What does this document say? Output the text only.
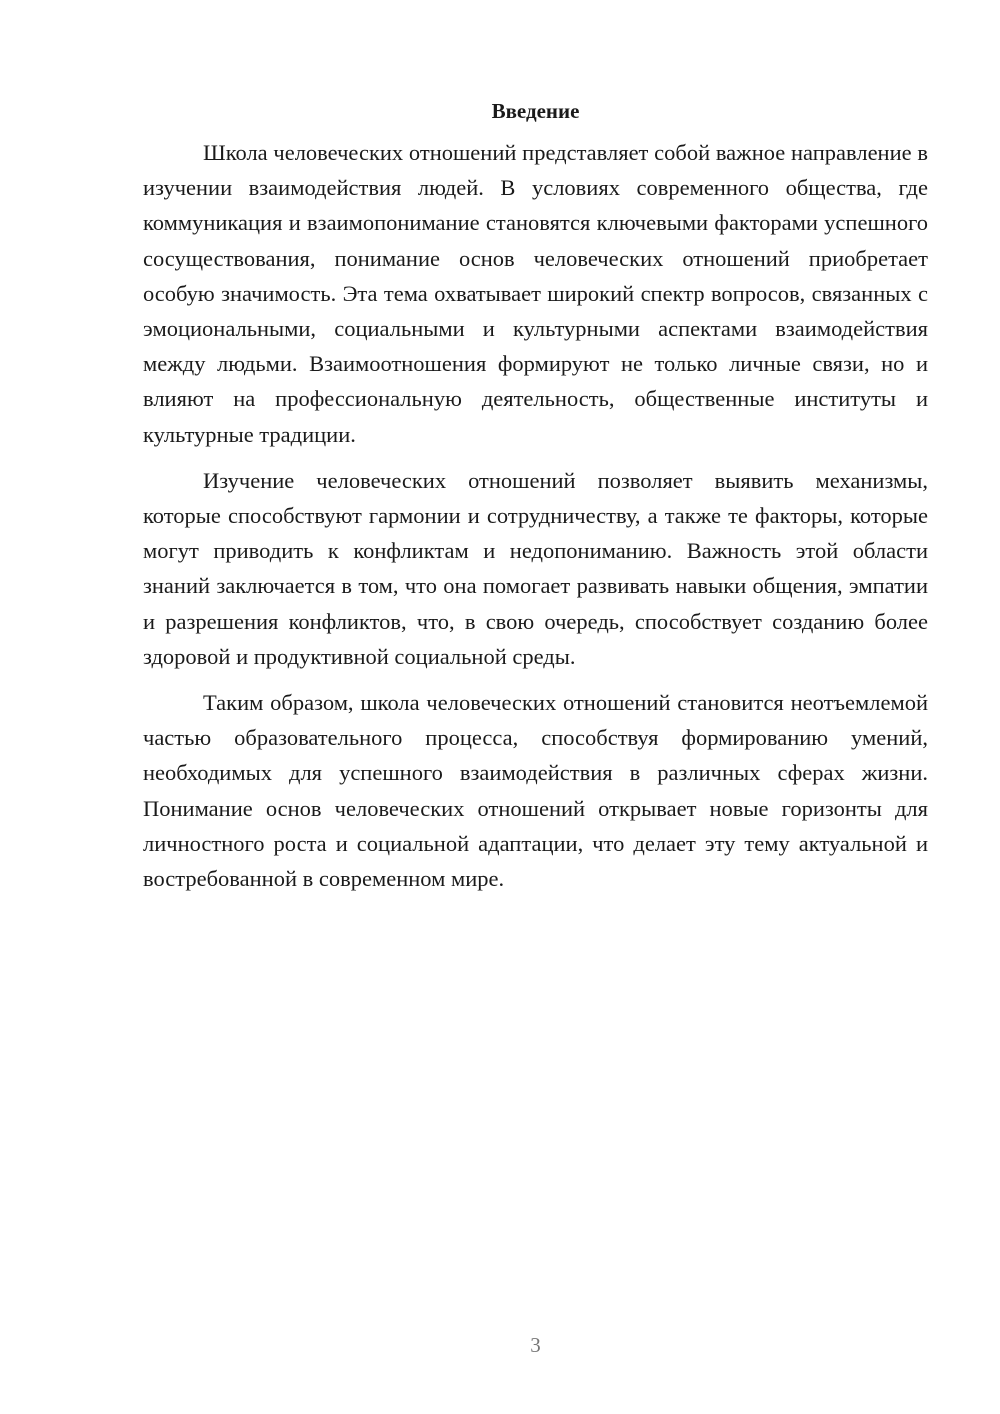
Введение

Школа человеческих отношений представляет собой важное направление в изучении взаимодействия людей. В условиях современного общества, где коммуникация и взаимопонимание становятся ключевыми факторами успешного сосуществования, понимание основ человеческих отношений приобретает особую значимость. Эта тема охватывает широкий спектр вопросов, связанных с эмоциональными, социальными и культурными аспектами взаимодействия между людьми. Взаимоотношения формируют не только личные связи, но и влияют на профессиональную деятельность, общественные институты и культурные традиции.

Изучение человеческих отношений позволяет выявить механизмы, которые способствуют гармонии и сотрудничеству, а также те факторы, которые могут приводить к конфликтам и недопониманию. Важность этой области знаний заключается в том, что она помогает развивать навыки общения, эмпатии и разрешения конфликтов, что, в свою очередь, способствует созданию более здоровой и продуктивной социальной среды.

Таким образом, школа человеческих отношений становится неотъемлемой частью образовательного процесса, способствуя формированию умений, необходимых для успешного взаимодействия в различных сферах жизни. Понимание основ человеческих отношений открывает новые горизонты для личностного роста и социальной адаптации, что делает эту тему актуальной и востребованной в современном мире.

3
